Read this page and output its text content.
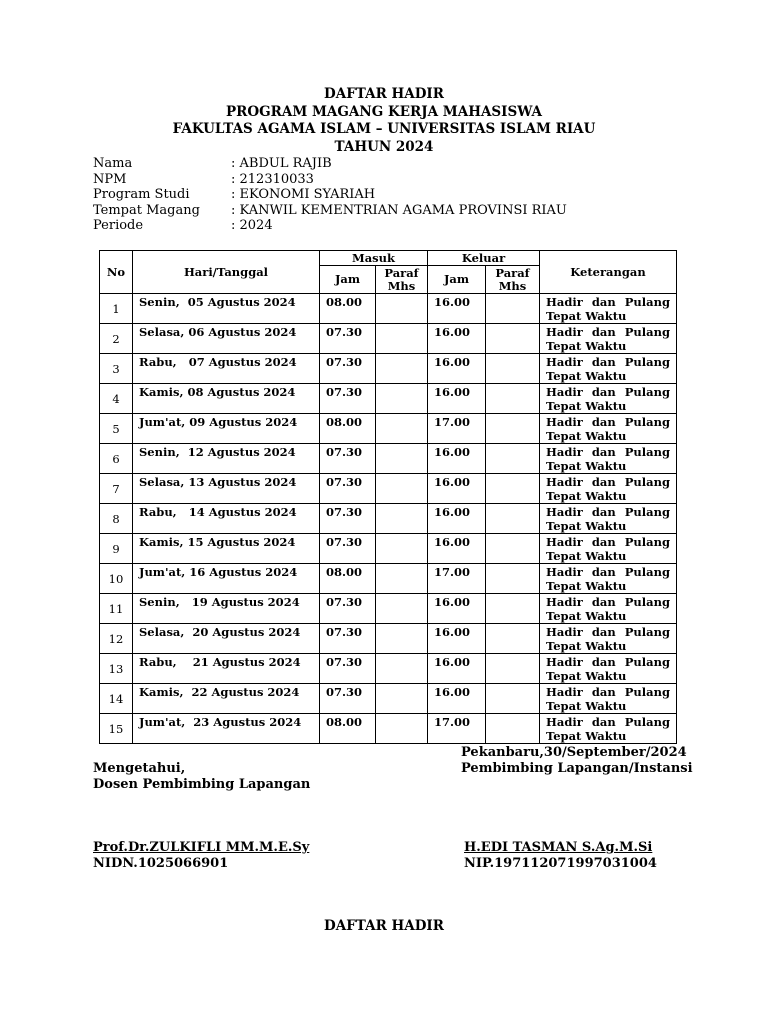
DAFTAR HADIR
PROGRAM MAGANG KERJA MAHASISWA
FAKULTAS AGAMA ISLAM – UNIVERSITAS ISLAM RIAU
TAHUN 2024
Nama	: ABDUL RAJIB
NPM	: 212310033
Program Studi	: EKONOMI SYARIAH
Tempat Magang	: KANWIL KEMENTRIAN AGAMA PROVINSI RIAU
Periode	: 2024
No	Hari/Tanggal	Masuk		Keluar		Keterangan
		Jam	Paraf Mhs	Jam	Paraf Mhs	
1	Senin,  05 Agustus 2024	08.00		16.00		Hadir dan Pulang
Tepat Waktu

2	Selasa, 06 Agustus 2024	07.30		16.00		Hadir dan Pulang
Tepat Waktu

3	Rabu,   07 Agustus 2024	07.30		16.00		Hadir dan Pulang
Tepat Waktu

4	Kamis, 08 Agustus 2024	07.30		16.00		Hadir dan Pulang
Tepat Waktu

5	Jum'at, 09 Agustus 2024	08.00		17.00		Hadir dan Pulang
Tepat Waktu

6	Senin,  12 Agustus 2024	07.30		16.00		Hadir dan Pulang
Tepat Waktu

7	Selasa, 13 Agustus 2024	07.30		16.00		Hadir dan Pulang
Tepat Waktu

8	Rabu,   14 Agustus 2024	07.30		16.00		Hadir dan Pulang
Tepat Waktu

9	Kamis, 15 Agustus 2024	07.30		16.00		Hadir dan Pulang
Tepat Waktu

10	Jum'at, 16 Agustus 2024	08.00		17.00		Hadir dan Pulang
Tepat Waktu

11	Senin,   19 Agustus 2024	07.30		16.00		Hadir dan Pulang
Tepat Waktu

12	Selasa,  20 Agustus 2024	07.30		16.00		Hadir dan Pulang
Tepat Waktu

13	Rabu,    21 Agustus 2024	07.30		16.00		Hadir dan Pulang
Tepat Waktu

14	Kamis,  22 Agustus 2024	07.30		16.00		Hadir dan Pulang
Tepat Waktu

15	Jum'at,  23 Agustus 2024	08.00		17.00		Hadir dan Pulang
Tepat Waktu
Pekanbaru,30/September/2024
Mengetahui,	Pembimbing Lapangan/Instansi
Dosen Pembimbing Lapangan
Prof.Dr.ZULKIFLI MM.M.E.Sy
NIDN.1025066901
H.EDI TASMAN S.Ag.M.Si
NIP.197112071997031004
DAFTAR HADIR
